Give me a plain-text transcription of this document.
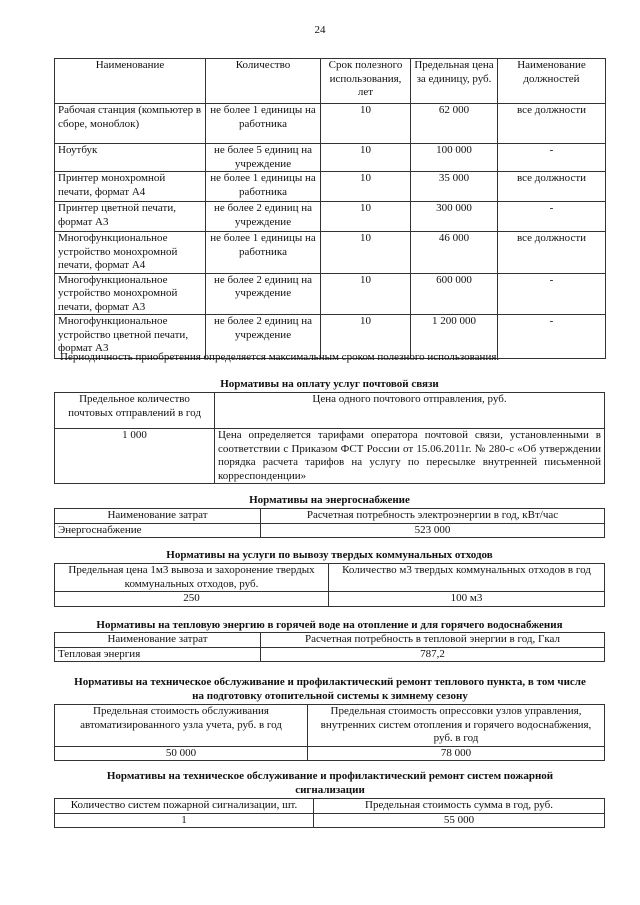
24
Наименование	Количество	Срок полезного использования, лет	Предельная цена за единицу, руб.	Наименование должностей
Рабочая станция (компьютер в сборе, моноблок)	не более 1 единицы на работника	10	62 000	все должности
Ноутбук	не более 5 единиц на учреждение	10	100 000	-
Принтер монохромной печати, формат А4	не более 1 единицы на работника	10	35 000	все должности
Принтер цветной печати, формат А3	не более 2 единиц на учреждение	10	300 000	-
Многофункциональное устройство монохромной печати, формат А4	не более 1 единицы на работника	10	46 000	все должности
Многофункциональное устройство монохромной печати, формат А3	не более 2 единиц на учреждение	10	600 000	-
Многофункциональное устройство цветной печати, формат А3	не более 2 единиц на учреждение	10	1 200 000	-
Периодичность приобретения определяется максимальным сроком полезного использования.
Нормативы на оплату услуг почтовой связи
Предельное количество почтовых отправлений в год	Цена одного почтового отправления, руб.
1 000	Цена определяется тарифами оператора почтовой связи, установленными в соответствии с Приказом ФСТ России от 15.06.2011г. № 280-с «Об утверждении порядка расчета тарифов на услугу по пересылке внутренней письменной корреспонденции»
Нормативы на энергоснабжение
Наименование затрат	Расчетная потребность электроэнергии в год, кВт/час
Энергоснабжение	523 000
Нормативы на услуги по вывозу твердых коммунальных отходов
Предельная цена 1м3 вывоза и захоронение твердых коммунальных отходов, руб.	Количество м3 твердых коммунальных отходов в год
250	100 м3
Нормативы на тепловую энергию в горячей воде на отопление и для горячего водоснабжения
Наименование затрат	Расчетная потребность в тепловой энергии в год, Гкал
Тепловая энергия	787,2
Нормативы на техническое обслуживание и профилактический ремонт теплового пункта, в том числе на подготовку отопительной системы к зимнему сезону
Предельная стоимость обслуживания автоматизированного узла учета, руб. в год	Предельная стоимость опрессовки узлов управления, внутренних систем отопления и горячего водоснабжения, руб. в год
50 000	78 000
Нормативы на техническое обслуживание и профилактический ремонт систем пожарной сигнализации
Количество систем пожарной сигнализации, шт.	Предельная стоимость сумма в год, руб.
1	55 000
